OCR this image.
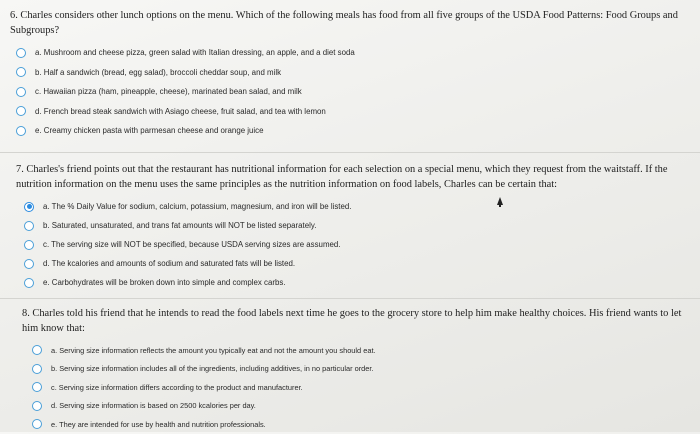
6. Charles considers other lunch options on the menu. Which of the following meals has food from all five groups of the USDA Food Patterns: Food Groups and Subgroups?

a. Mushroom and cheese pizza, green salad with Italian dressing, an apple, and a diet soda
b. Half a sandwich (bread, egg salad), broccoli cheddar soup, and milk
c. Hawaiian pizza (ham, pineapple, cheese), marinated bean salad, and milk
d. French bread steak sandwich with Asiago cheese, fruit salad, and tea with lemon
e. Creamy chicken pasta with parmesan cheese and orange juice

7. Charles's friend points out that the restaurant has nutritional information for each selection on a special menu, which they request from the waitstaff. If the nutrition information on the menu uses the same principles as the nutrition information on food labels, Charles can be certain that:

a. The % Daily Value for sodium, calcium, potassium, magnesium, and iron will be listed.
b. Saturated, unsaturated, and trans fat amounts will NOT be listed separately.
c. The serving size will NOT be specified, because USDA serving sizes are assumed.
d. The kcalories and amounts of sodium and saturated fats will be listed.
e. Carbohydrates will be broken down into simple and complex carbs.

8. Charles told his friend that he intends to read the food labels next time he goes to the grocery store to help him make healthy choices. His friend wants to let him know that:

a. Serving size information reflects the amount you typically eat and not the amount you should eat.
b. Serving size information includes all of the ingredients, including additives, in no particular order.
c. Serving size information differs according to the product and manufacturer.
d. Serving size information is based on 2500 kcalories per day.
e. They are intended for use by health and nutrition professionals.
